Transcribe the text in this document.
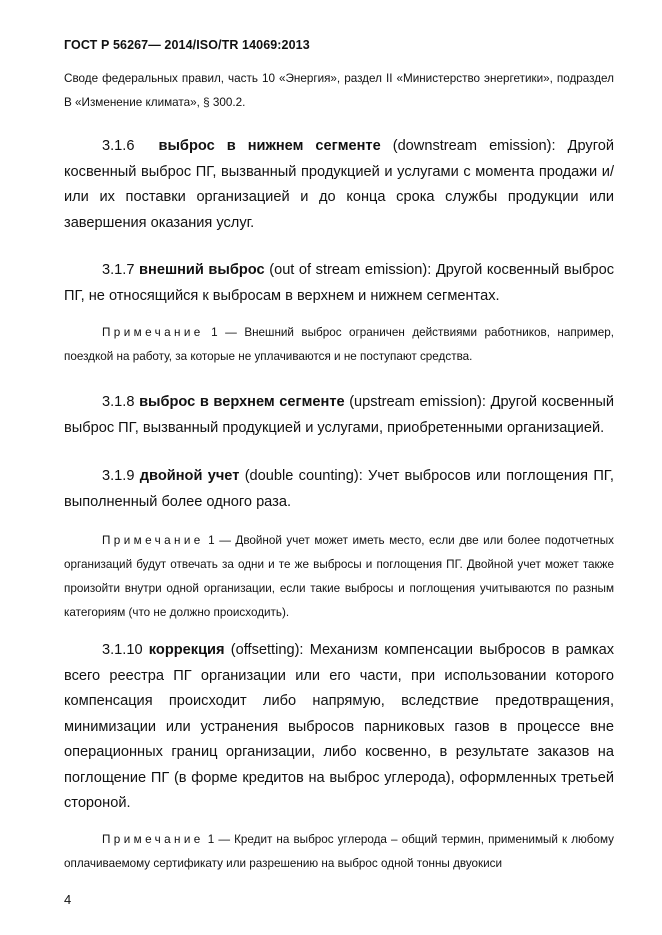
ГОСТ Р 56267— 2014/ISO/TR 14069:2013

Своде федеральных правил, часть 10 «Энергия», раздел II «Министерство энергетики», подраздел В «Изменение климата», § 300.2.

3.1.6 выброс в нижнем сегменте (downstream emission): Другой косвенный выброс ПГ, вызванный продукцией и услугами с момента продажи и/или их поставки организацией и до конца срока службы продукции или завершения оказания услуг.

3.1.7 внешний выброс (out of stream emission): Другой косвенный выброс ПГ, не относящийся к выбросам в верхнем и нижнем сегментах.

Примечание 1 — Внешний выброс ограничен действиями работников, например, поездкой на работу, за которые не уплачиваются и не поступают средства.

3.1.8 выброс в верхнем сегменте (upstream emission): Другой косвенный выброс ПГ, вызванный продукцией и услугами, приобретенными организацией.

3.1.9 двойной учет (double counting): Учет выбросов или поглощения ПГ, выполненный более одного раза.

Примечание 1 — Двойной учет может иметь место, если две или более подотчетных организаций будут отвечать за одни и те же выбросы и поглощения ПГ. Двойной учет может также произойти внутри одной организации, если такие выбросы и поглощения учитываются по разным категориям (что не должно происходить).

3.1.10 коррекция (offsetting): Механизм компенсации выбросов в рамках всего реестра ПГ организации или его части, при использовании которого компенсация происходит либо напрямую, вследствие предотвращения, минимизации или устранения выбросов парниковых газов в процессе вне операционных границ организации, либо косвенно, в результате заказов на поглощение ПГ (в форме кредитов на выброс углерода), оформленных третьей стороной.

Примечание 1 — Кредит на выброс углерода – общий термин, применимый к любому оплачиваемому сертификату или разрешению на выброс одной тонны двуокиси

4
